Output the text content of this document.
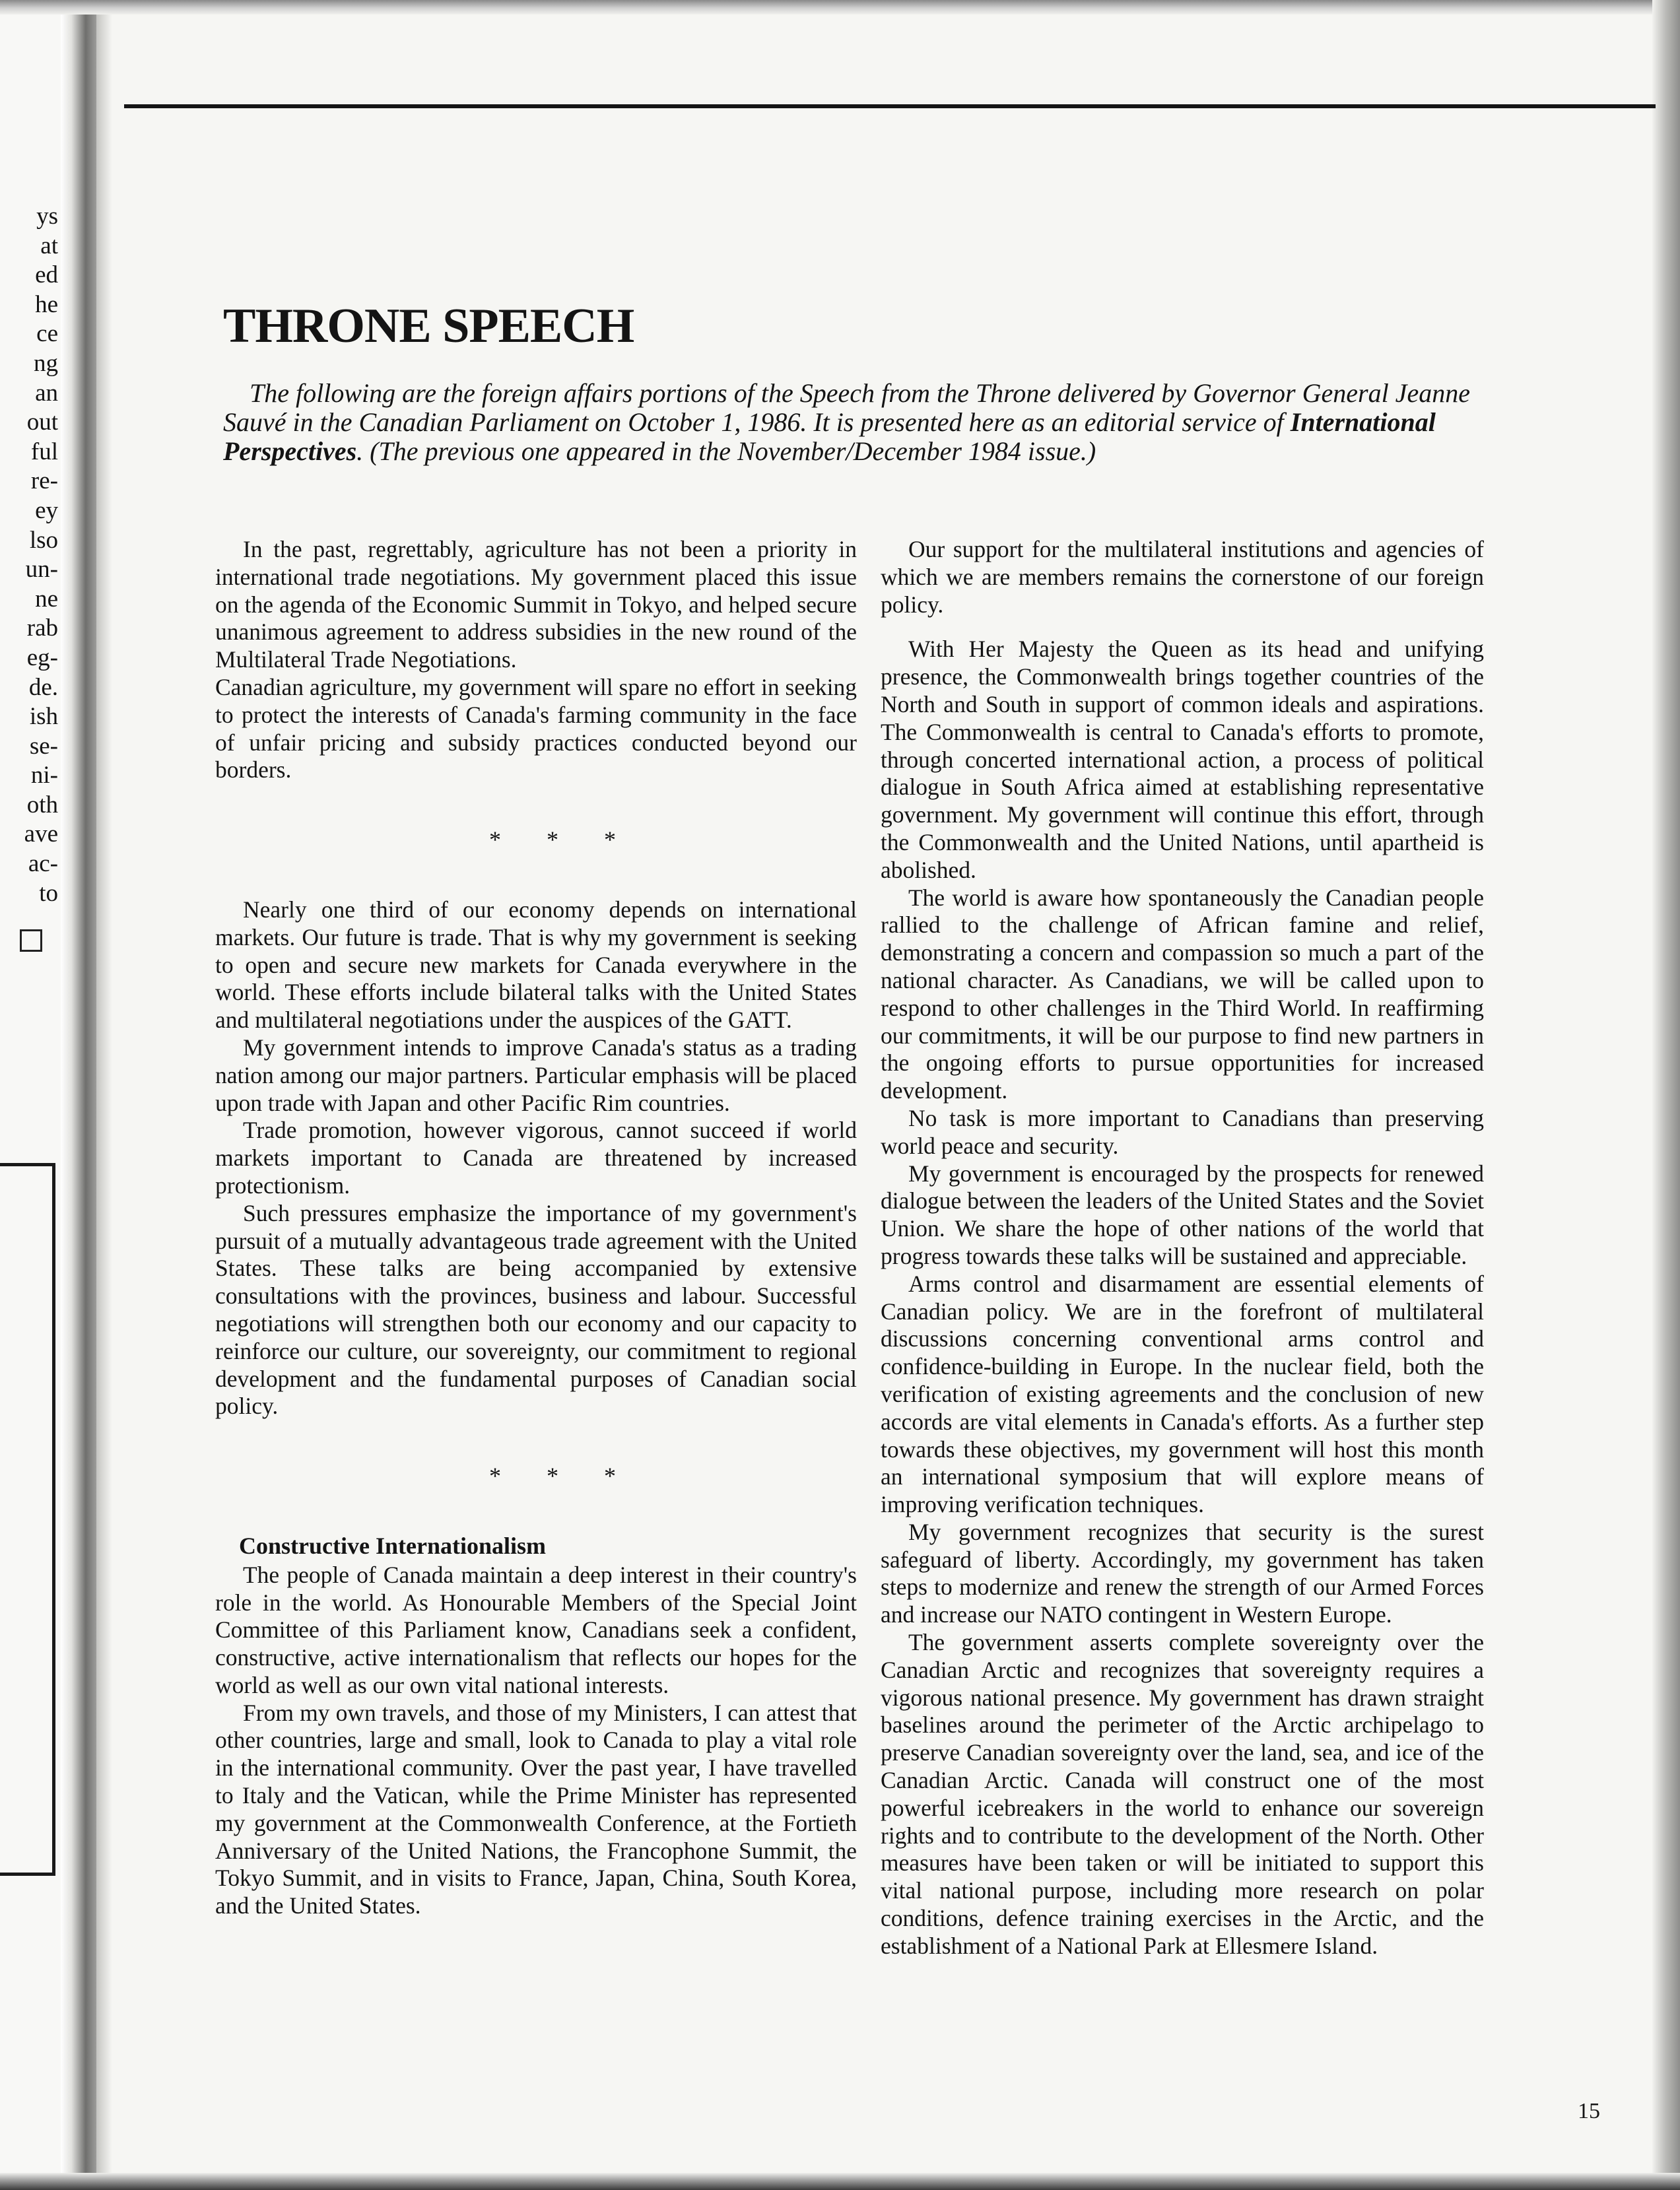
ys
at
ed
he
ce
ng
an
out
ful
re-
ey
lso
un-
ne
rab
eg-
de.
ish
se-
ni-
oth
ave
ac-
to
THRONE SPEECH

The following are the foreign affairs portions of the Speech from the Throne delivered by Governor General Jeanne Sauvé in the Canadian Parliament on October 1, 1986. It is presented here as an editorial service of International Perspectives. (The previous one appeared in the November/December 1984 issue.)

In the past, regrettably, agriculture has not been a priority in international trade negotiations. My government placed this issue on the agenda of the Economic Summit in Tokyo, and helped secure unanimous agreement to address subsidies in the new round of the Multilateral Trade Negotiations.

Canadian agriculture, my government will spare no effort in seeking to protect the interests of Canada's farming community in the face of unfair pricing and subsidy practices conducted beyond our borders.

* * *

Nearly one third of our economy depends on international markets. Our future is trade. That is why my government is seeking to open and secure new markets for Canada everywhere in the world. These efforts include bilateral talks with the United States and multilateral negotiations under the auspices of the GATT.

My government intends to improve Canada's status as a trading nation among our major partners. Particular emphasis will be placed upon trade with Japan and other Pacific Rim countries.

Trade promotion, however vigorous, cannot succeed if world markets important to Canada are threatened by increased protectionism.

Such pressures emphasize the importance of my government's pursuit of a mutually advantageous trade agreement with the United States. These talks are being accompanied by extensive consultations with the provinces, business and labour. Successful negotiations will strengthen both our economy and our capacity to reinforce our culture, our sovereignty, our commitment to regional development and the fundamental purposes of Canadian social policy.

* * *
Constructive Internationalism

The people of Canada maintain a deep interest in their country's role in the world. As Honourable Members of the Special Joint Committee of this Parliament know, Canadians seek a confident, constructive, active internationalism that reflects our hopes for the world as well as our own vital national interests.

From my own travels, and those of my Ministers, I can attest that other countries, large and small, look to Canada to play a vital role in the international community. Over the past year, I have travelled to Italy and the Vatican, while the Prime Minister has represented my government at the Commonwealth Conference, at the Fortieth Anniversary of the United Nations, the Francophone Summit, the Tokyo Summit, and in visits to France, Japan, China, South Korea, and the United States.

Our support for the multilateral institutions and agencies of which we are members remains the cornerstone of our foreign policy.

With Her Majesty the Queen as its head and unifying presence, the Commonwealth brings together countries of the North and South in support of common ideals and aspirations. The Commonwealth is central to Canada's efforts to promote, through concerted international action, a process of political dialogue in South Africa aimed at establishing representative government. My government will continue this effort, through the Commonwealth and the United Nations, until apartheid is abolished.

The world is aware how spontaneously the Canadian people rallied to the challenge of African famine and relief, demonstrating a concern and compassion so much a part of the national character. As Canadians, we will be called upon to respond to other challenges in the Third World. In reaffirming our commitments, it will be our purpose to find new partners in the ongoing efforts to pursue opportunities for increased development.

No task is more important to Canadians than preserving world peace and security.

My government is encouraged by the prospects for renewed dialogue between the leaders of the United States and the Soviet Union. We share the hope of other nations of the world that progress towards these talks will be sustained and appreciable.

Arms control and disarmament are essential elements of Canadian policy. We are in the forefront of multilateral discussions concerning conventional arms control and confidence-building in Europe. In the nuclear field, both the verification of existing agreements and the conclusion of new accords are vital elements in Canada's efforts. As a further step towards these objectives, my government will host this month an international symposium that will explore means of improving verification techniques.

My government recognizes that security is the surest safeguard of liberty. Accordingly, my government has taken steps to modernize and renew the strength of our Armed Forces and increase our NATO contingent in Western Europe.

The government asserts complete sovereignty over the Canadian Arctic and recognizes that sovereignty requires a vigorous national presence. My government has drawn straight baselines around the perimeter of the Arctic archipelago to preserve Canadian sovereignty over the land, sea, and ice of the Canadian Arctic. Canada will construct one of the most powerful icebreakers in the world to enhance our sovereign rights and to contribute to the development of the North. Other measures have been taken or will be initiated to support this vital national purpose, including more research on polar conditions, defence training exercises in the Arctic, and the establishment of a National Park at Ellesmere Island.

15
